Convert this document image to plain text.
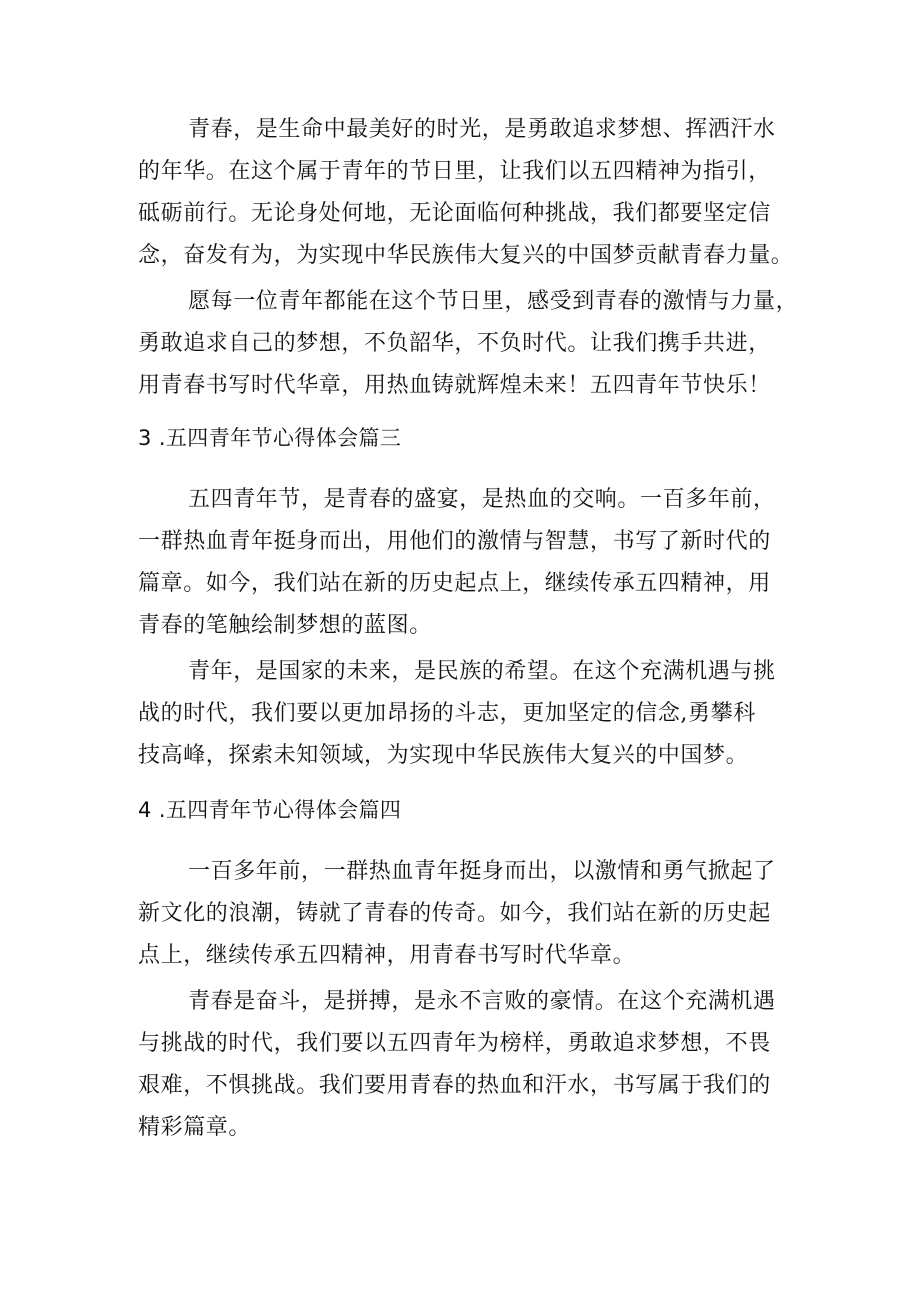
青春，是生命中最美好的时光，是勇敢追求梦想、挥洒汗水
的年华。在这个属于青年的节日里，让我们以五四精神为指引，
砥砺前行。无论身处何地，无论面临何种挑战，我们都要坚定信
念，奋发有为，为实现中华民族伟大复兴的中国梦贡献青春力量。
愿每一位青年都能在这个节日里，感受到青春的激情与力量，
勇敢追求自己的梦想，不负韶华，不负时代。让我们携手共进，
用青春书写时代华章，用热血铸就辉煌未来！五四青年节快乐！
3 .五四青年节心得体会篇三
五四青年节，是青春的盛宴，是热血的交响。一百多年前，
一群热血青年挺身而出，用他们的激情与智慧，书写了新时代的
篇章。如今，我们站在新的历史起点上，继续传承五四精神，用
青春的笔触绘制梦想的蓝图。
青年，是国家的未来，是民族的希望。在这个充满机遇与挑
战的时代，我们要以更加昂扬的斗志，更加坚定的信念,勇攀科
技高峰，探索未知领域，为实现中华民族伟大复兴的中国梦。
4 .五四青年节心得体会篇四
一百多年前，一群热血青年挺身而出，以激情和勇气掀起了
新文化的浪潮，铸就了青春的传奇。如今，我们站在新的历史起
点上，继续传承五四精神，用青春书写时代华章。
青春是奋斗，是拼搏，是永不言败的豪情。在这个充满机遇
与挑战的时代，我们要以五四青年为榜样，勇敢追求梦想，不畏
艰难，不惧挑战。我们要用青春的热血和汗水，书写属于我们的
精彩篇章。
